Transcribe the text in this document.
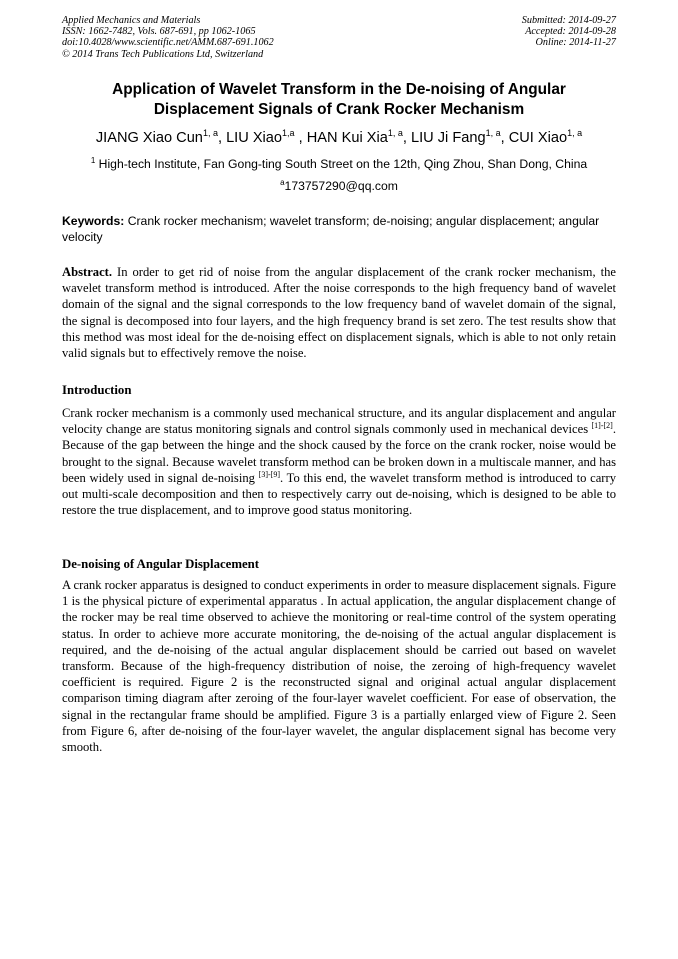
Applied Mechanics and Materials
ISSN: 1662-7482, Vols. 687-691, pp 1062-1065
doi:10.4028/www.scientific.net/AMM.687-691.1062
© 2014 Trans Tech Publications Ltd, Switzerland
Submitted: 2014-09-27
Accepted: 2014-09-28
Online: 2014-11-27
Application of Wavelet Transform in the De-noising of Angular
Displacement Signals of Crank Rocker Mechanism
JIANG Xiao Cun$^{1, a}$, LIU Xiao$^{1,a}$ , HAN Kui Xia$^{1, a}$, LIU Ji Fang$^{1, a}$, CUI Xiao$^{1, a}$
$^1$ High-tech Institute, Fan Gong-ting South Street on the 12th, Qing Zhou, Shan Dong, China
$^a$173757290@qq.com
Keywords: Crank rocker mechanism; wavelet transform; de-noising; angular displacement; angular velocity
Abstract. In order to get rid of noise from the angular displacement of the crank rocker mechanism, the wavelet transform method is introduced. After the noise corresponds to the high frequency band of wavelet domain of the signal and the signal corresponds to the low frequency band of wavelet domain of the signal, the signal is decomposed into four layers, and the high frequency brand is set zero. The test results show that this method was most ideal for the de-noising effect on displacement signals, which is able to not only retain valid signals but to effectively remove the noise.
Introduction
Crank rocker mechanism is a commonly used mechanical structure, and its angular displacement and angular velocity change are status monitoring signals and control signals commonly used in mechanical devices [1]-[2]. Because of the gap between the hinge and the shock caused by the force on the crank rocker, noise would be brought to the signal. Because wavelet transform method can be broken down in a multiscale manner, and has been widely used in signal de-noising [3]-[9]. To this end, the wavelet transform method is introduced to carry out multi-scale decomposition and then to respectively carry out de-noising, which is designed to be able to restore the true displacement, and to improve good status monitoring.
De-noising of Angular Displacement
A crank rocker apparatus is designed to conduct experiments in order to measure displacement signals. Figure 1 is the physical picture of experimental apparatus . In actual application, the angular displacement change of the rocker may be real time observed to achieve the monitoring or real-time control of the system operating status. In order to achieve more accurate monitoring, the de-noising of the actual angular displacement is required, and the de-noising of the actual angular displacement should be carried out based on wavelet transform. Because of the high-frequency distribution of noise, the zeroing of high-frequency wavelet coefficient is required. Figure 2 is the reconstructed signal and original actual angular displacement comparison timing diagram after zeroing of the four-layer wavelet coefficient. For ease of observation, the signal in the rectangular frame should be amplified. Figure 3 is a partially enlarged view of Figure 2. Seen from Figure 6, after de-noising of the four-layer wavelet, the angular displacement signal has become very smooth.
